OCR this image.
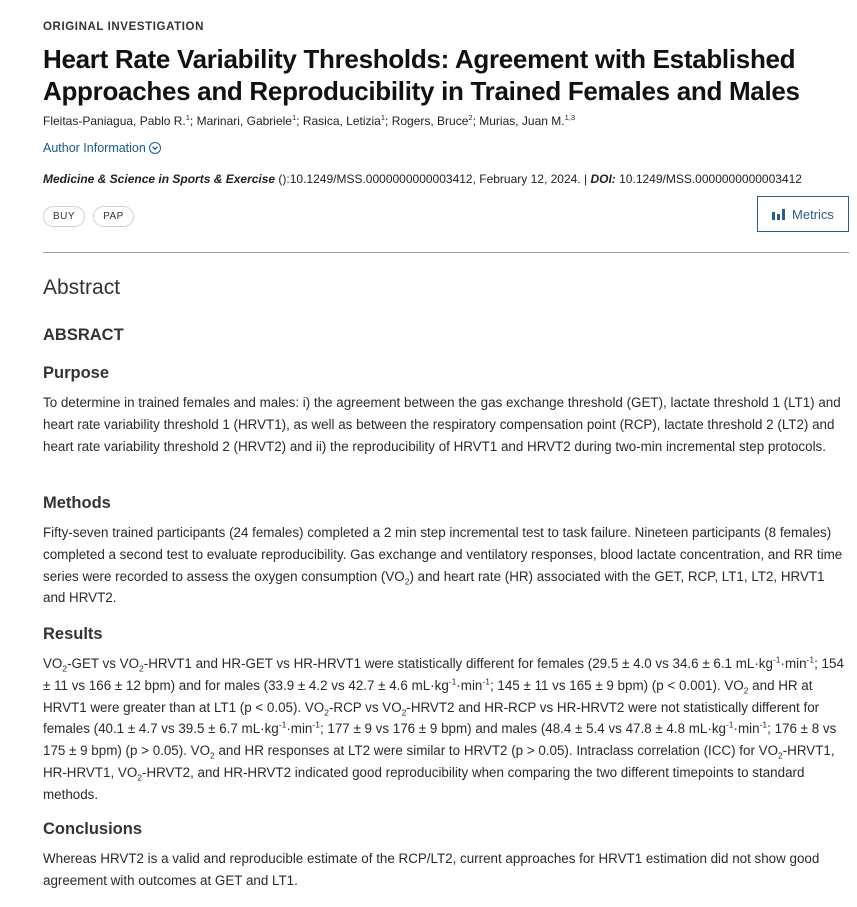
ORIGINAL INVESTIGATION
Heart Rate Variability Thresholds: Agreement with Established Approaches and Reproducibility in Trained Females and Males
Fleitas-Paniagua, Pablo R.$^1$; Marinari, Gabriele$^1$; Rasica, Letizia$^1$; Rogers, Bruce$^2$; Murias, Juan M.$^{1,3}$
Author Information
Medicine & Science in Sports & Exercise ():10.1249/MSS.0000000000003412, February 12, 2024. | DOI: 10.1249/MSS.0000000000003412
BUY	PAP	Metrics
Abstract
ABSRACT
Purpose

To determine in trained females and males: i) the agreement between the gas exchange threshold (GET), lactate threshold 1 (LT1) and heart rate variability threshold 1 (HRVT1), as well as between the respiratory compensation point (RCP), lactate threshold 2 (LT2) and heart rate variability threshold 2 (HRVT2) and ii) the reproducibility of HRVT1 and HRVT2 during two-min incremental step protocols.

Methods

Fifty-seven trained participants (24 females) completed a 2 min step incremental test to task failure. Nineteen participants (8 females) completed a second test to evaluate reproducibility. Gas exchange and ventilatory responses, blood lactate concentration, and RR time series were recorded to assess the oxygen consumption $(VO_2)$ and heart rate (HR) associated with the GET, RCP, LT1, LT2, HRVT1 and HRVT2.

Results

$VO_2$-GET vs $VO_2-HRVT1$ and HR-GET vs HR-HRVT1 were statistically different for females (29.5 ± 4.0 vs 34.6 ± 6.1 $mL\cdot kg^{-1}\cdot\min^{-1}$; 154 ± 11 vs 166 ± 12 bpm) and for males (33.9 ± 4.2 vs 42.7 ± 4.6 $mL\cdot kg^{-1}\cdot\min^{-1}$; 145 ± 11 vs 165 ± 9 bpm) (p < 0.001). $VO_2$ and HR at HRVT1 were greater than at LT1 (p < 0.05). $VO_2$-RCP vs $VO_2-HRVT2$ and HR-RCP vs HR-HRVT2 were not statistically different for females (40.1 ± 4.7 vs 39.5 ± 6.7 $mL\cdot kg^{-1}\cdot\min^{-1}$; 177 ± 9 vs 176 ± 9 bpm) and males (48.4 ± 5.4 vs 47.8 ± 4.8 $mL\cdot kg^{-1}\cdot\min^{-1}$; 176 ± 8 vs 175 ± 9 bpm) (p > 0.05). $VO_2$ and HR responses at LT2 were similar to HRVT2 (p > 0.05). Intraclass correlation (ICC) for $VO_2-HRVT1$, HR-HRVT1, $VO_2-HRVT2$, and HR-HRVT2 indicated good reproducibility when comparing the two different timepoints to standard methods.

Conclusions

Whereas HRVT2 is a valid and reproducible estimate of the RCP/LT2, current approaches for HRVT1 estimation did not show good agreement with outcomes at GET and LT1.
